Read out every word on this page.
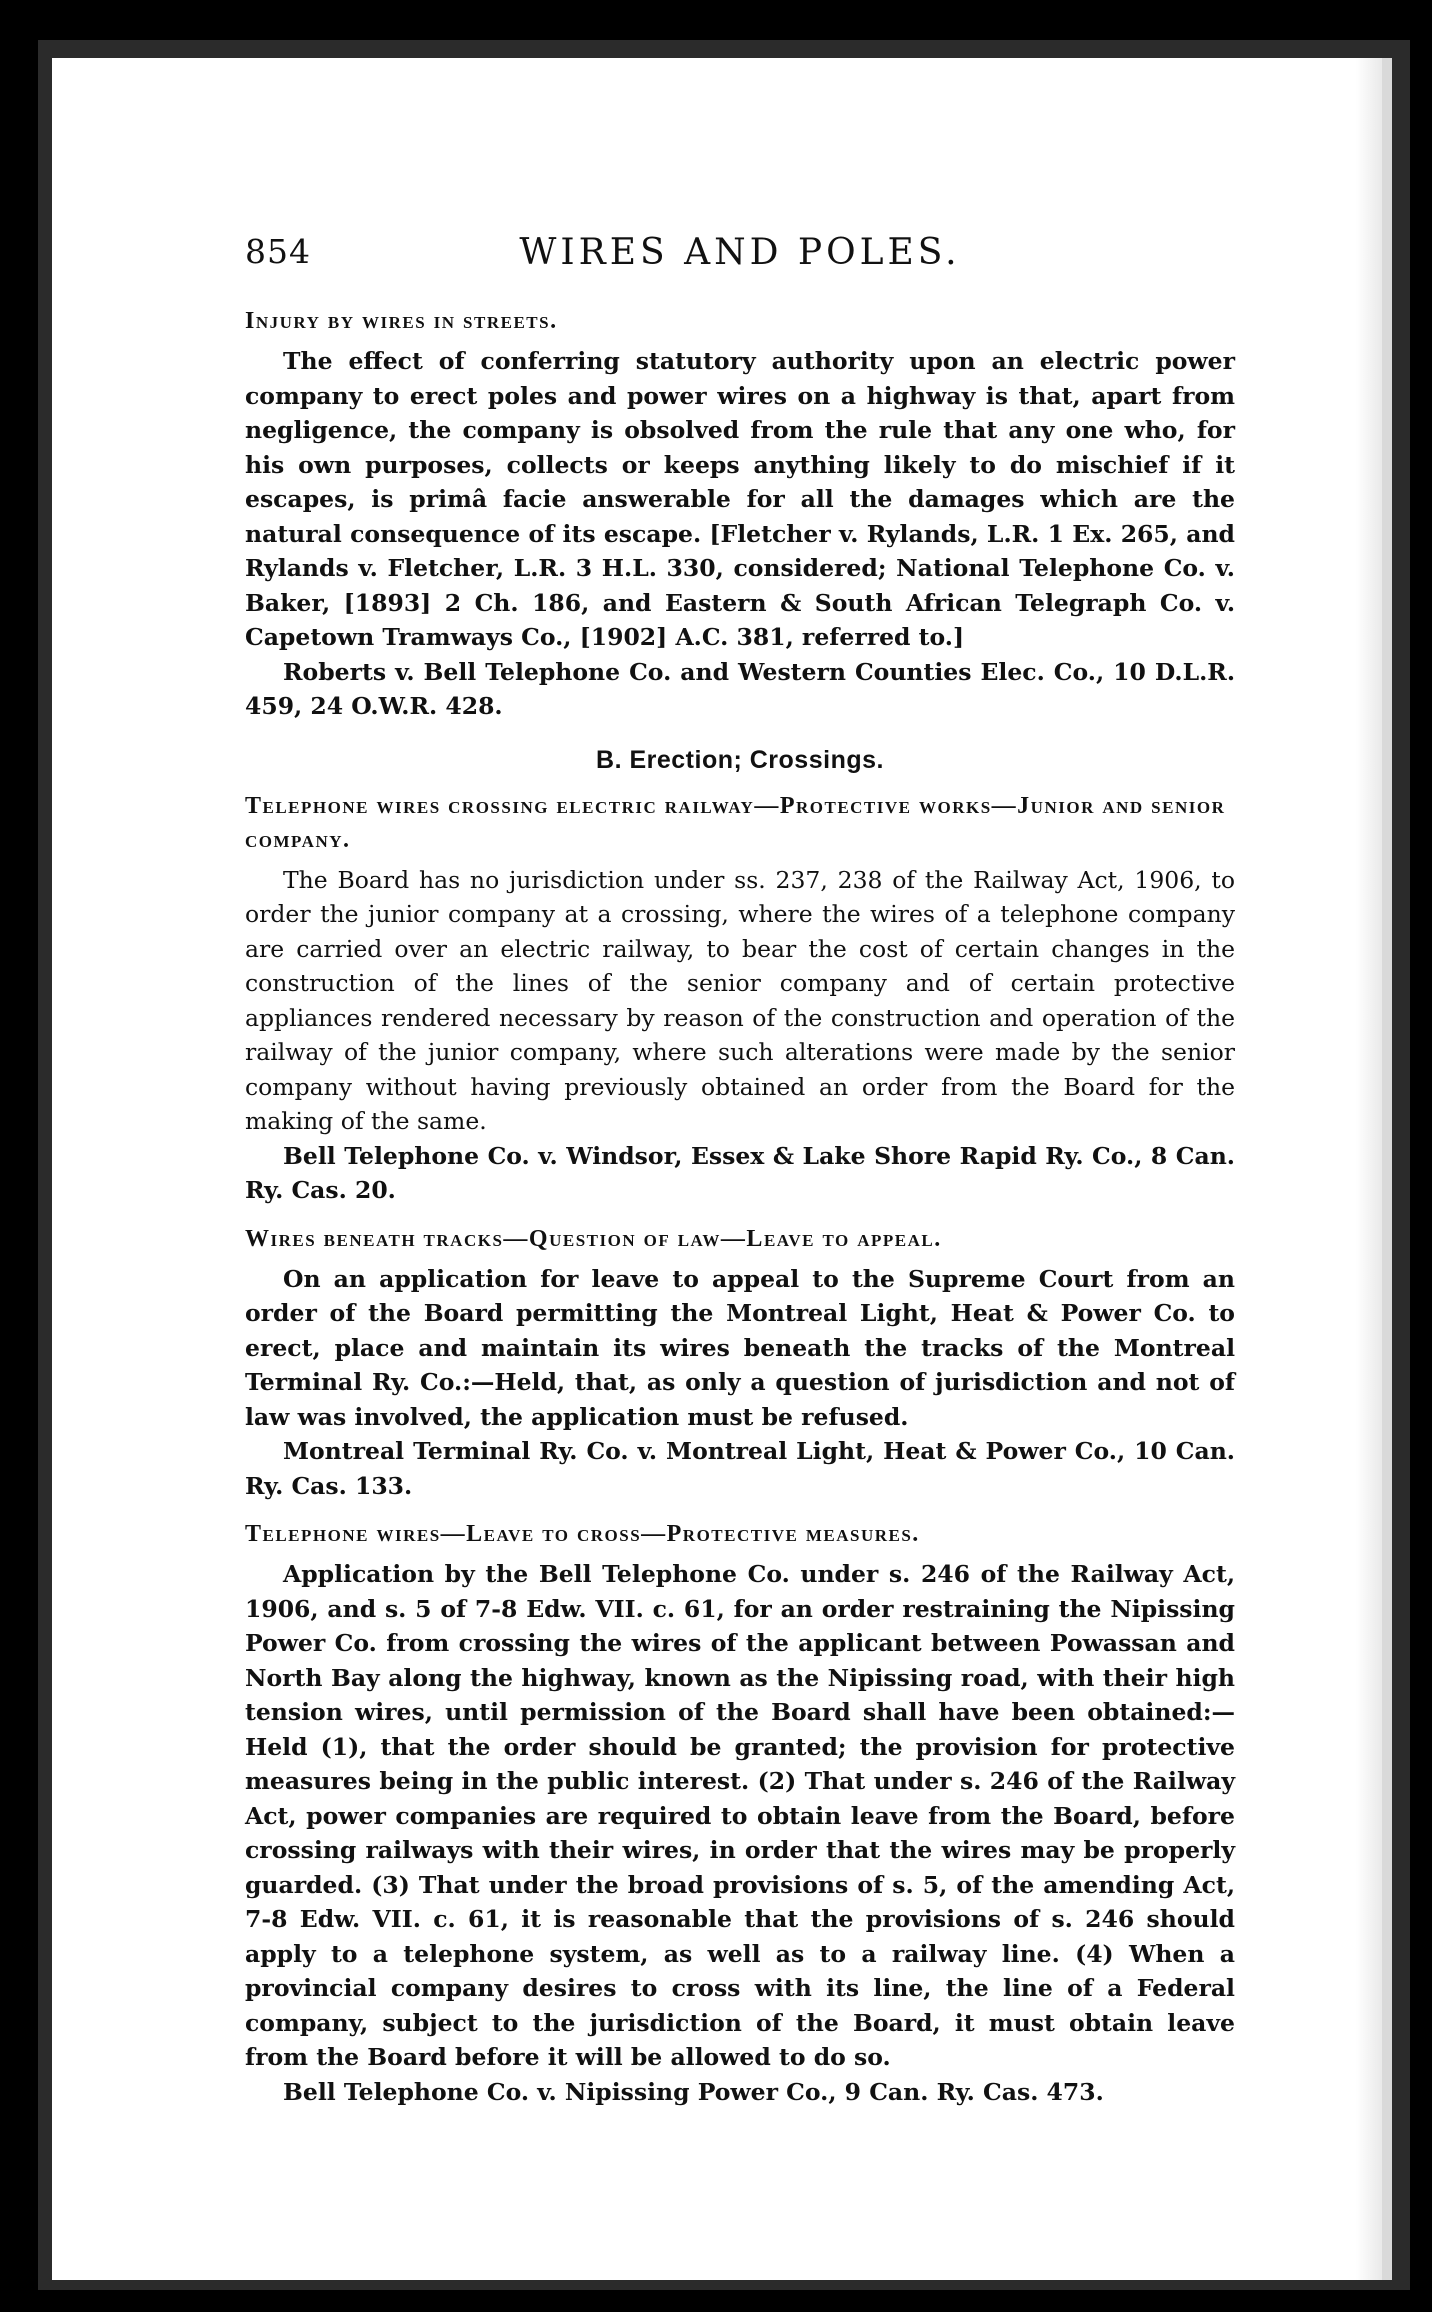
854	WIRES AND POLES.
Injury by wires in streets.

The effect of conferring statutory authority upon an electric power company to erect poles and power wires on a highway is that, apart from negligence, the company is obsolved from the rule that any one who, for his own purposes, collects or keeps anything likely to do mischief if it escapes, is primâ facie answerable for all the damages which are the natural consequence of its escape. [Fletcher v. Rylands, L.R. 1 Ex. 265, and Rylands v. Fletcher, L.R. 3 H.L. 330, considered; National Telephone Co. v. Baker, [1893] 2 Ch. 186, and Eastern & South African Telegraph Co. v. Capetown Tramways Co., [1902] A.C. 381, referred to.]

Roberts v. Bell Telephone Co. and Western Counties Elec. Co., 10 D.L.R. 459, 24 O.W.R. 428.

B. Erection; Crossings.
Telephone wires crossing electric railway—Protective works—Junior and senior company.

The Board has no jurisdiction under ss. 237, 238 of the Railway Act, 1906, to order the junior company at a crossing, where the wires of a telephone company are carried over an electric railway, to bear the cost of certain changes in the construction of the lines of the senior company and of certain protective appliances rendered necessary by reason of the construction and operation of the railway of the junior company, where such alterations were made by the senior company without having previously obtained an order from the Board for the making of the same.

Bell Telephone Co. v. Windsor, Essex & Lake Shore Rapid Ry. Co., 8 Can. Ry. Cas. 20.

Wires beneath tracks—Question of law—Leave to appeal.

On an application for leave to appeal to the Supreme Court from an order of the Board permitting the Montreal Light, Heat & Power Co. to erect, place and maintain its wires beneath the tracks of the Montreal Terminal Ry. Co.:—Held, that, as only a question of jurisdiction and not of law was involved, the application must be refused.

Montreal Terminal Ry. Co. v. Montreal Light, Heat & Power Co., 10 Can. Ry. Cas. 133.

Telephone wires—Leave to cross—Protective measures.

Application by the Bell Telephone Co. under s. 246 of the Railway Act, 1906, and s. 5 of 7-8 Edw. VII. c. 61, for an order restraining the Nipissing Power Co. from crossing the wires of the applicant between Powassan and North Bay along the highway, known as the Nipissing road, with their high tension wires, until permission of the Board shall have been obtained:—Held (1), that the order should be granted; the provision for protective measures being in the public interest. (2) That under s. 246 of the Railway Act, power companies are required to obtain leave from the Board, before crossing railways with their wires, in order that the wires may be properly guarded. (3) That under the broad provisions of s. 5, of the amending Act, 7-8 Edw. VII. c. 61, it is reasonable that the provisions of s. 246 should apply to a telephone system, as well as to a railway line. (4) When a provincial company desires to cross with its line, the line of a Federal company, subject to the jurisdiction of the Board, it must obtain leave from the Board before it will be allowed to do so.

Bell Telephone Co. v. Nipissing Power Co., 9 Can. Ry. Cas. 473.
